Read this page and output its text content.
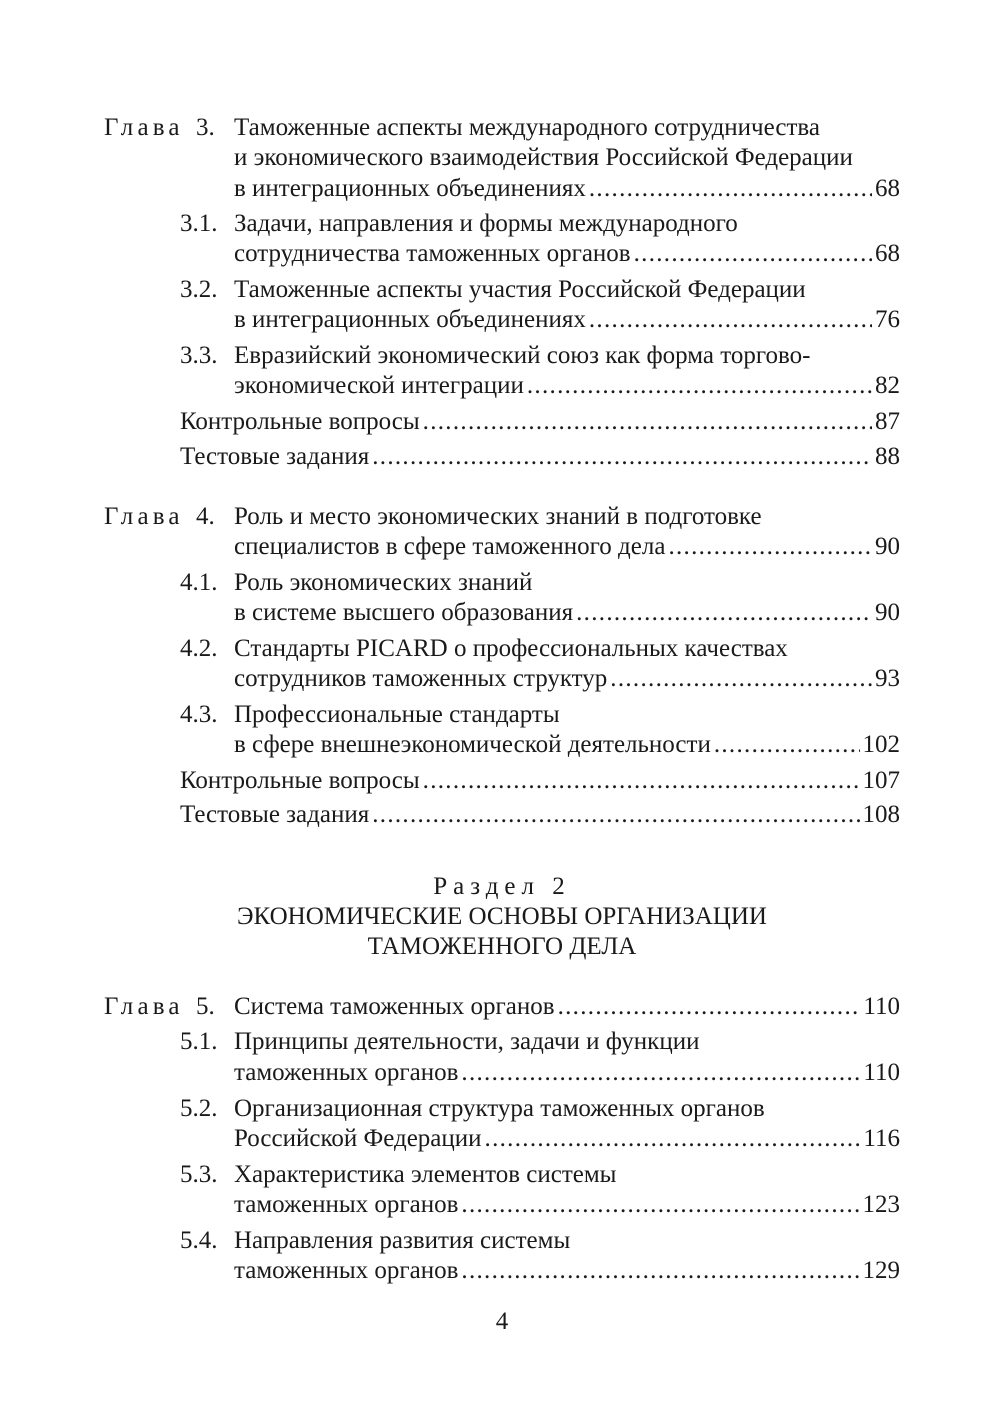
Глава 3. Таможенные аспекты международного сотрудничества
и экономического взаимодействия Российской Федерации
в интеграционных объединениях .....	68
3.1. Задачи, направления и формы международного
сотрудничества таможенных органов .....	68
3.2. Таможенные аспекты участия Российской Федерации
в интеграционных объединениях .....	76
3.3. Евразийский экономический союз как форма торгово-
экономической интеграции .....	82
Контрольные вопросы .....	87
Тестовые задания .....	88
Глава 4. Роль и место экономических знаний в подготовке
специалистов в сфере таможенного дела .....	90
4.1. Роль экономических знаний
в системе высшего образования .....	90
4.2. Стандарты PICARD о профессиональных качествах
сотрудников таможенных структур .....	93
4.3. Профессиональные стандарты
в сфере внешнеэкономической деятельности .....	102
Контрольные вопросы .....	107
Тестовые задания .....	108
Раздел 2
ЭКОНОМИЧЕСКИЕ ОСНОВЫ ОРГАНИЗАЦИИ
ТАМОЖЕННОГО ДЕЛА
Глава 5. Система таможенных органов .....	110
5.1. Принципы деятельности, задачи и функции
таможенных органов .....	110
5.2. Организационная структура таможенных органов
Российской Федерации .....	116
5.3. Характеристика элементов системы
таможенных органов .....	123
5.4. Направления развития системы
таможенных органов .....	129
4
